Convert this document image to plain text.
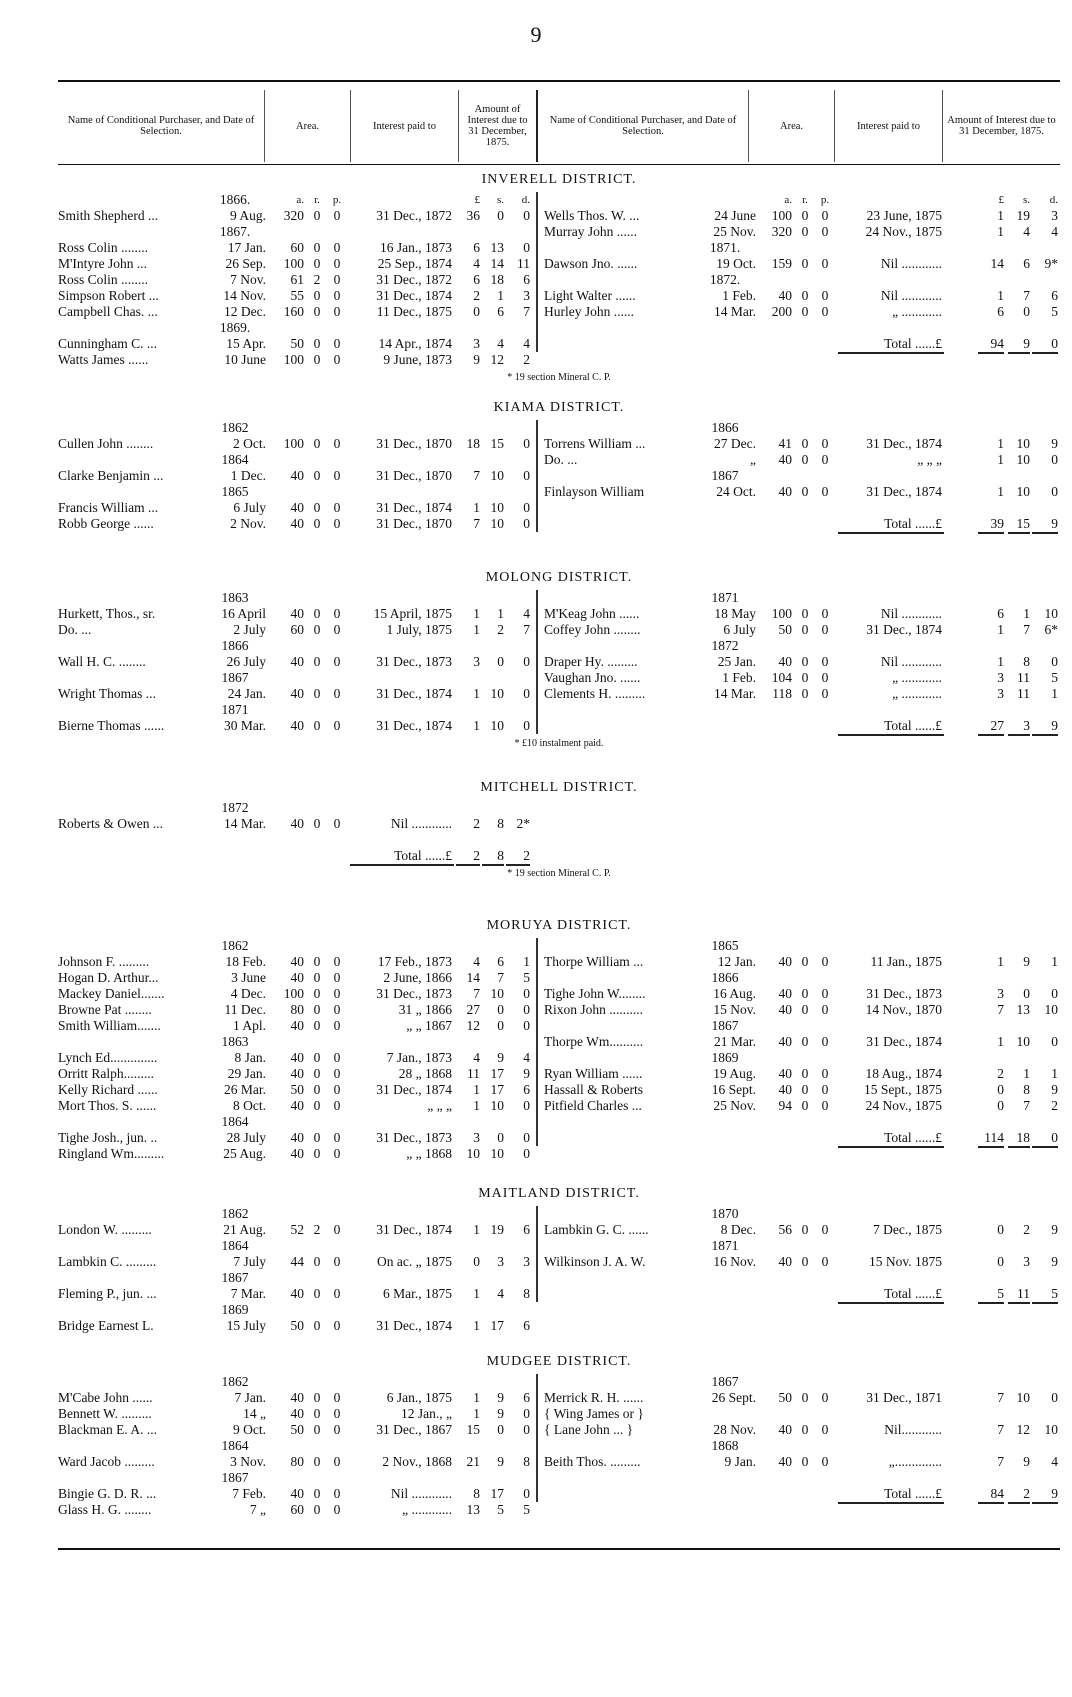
9
Name of Conditional Purchaser, and Date of Selection.	Area.	Interest paid to
Amount of Interest due to 31 December, 1875.
Name of Conditional Purchaser, and Date of Selection.	Area.	Interest paid to	Amount of Interest due to 31 December, 1875.
INVERELL DISTRICT.
1866.	a. r.	p.	£	s.	d.
Smith Shepherd ...	9 Aug.	320 0 0	31 Dec., 1872	36	0	0
1867.
Ross Colin ........	17 Jan.	60 0 0	16 Jan., 1873	6 13	0
M'Intyre John ...	26 Sep.	100 0 0	25 Sep., 1874	4 14 11
Ross Colin ........	7 Nov.	61 2 0	31 Dec., 1872	6 18	6
Simpson Robert ...	14 Nov.	55 0 0	31 Dec., 1874	2	1	3
Campbell Chas. ...	12 Dec.	160 0 0	11 Dec., 1875	0	6	7
1869.
Cunningham C. ...	15 Apr.	50 0 0	14 Apr., 1874	3	4	4
Watts James ......	10 June	100 0 0	9 June, 1873	9 12	2
a. r.	p.	£	s.	d.
Wells Thos. W. ...	24 June	100 0 0	23 June, 1875	1 19	3
Murray John ......	25 Nov.	320 0 0	24 Nov., 1875	1	4	4
1871.
Dawson Jno. ......	19 Oct.	159 0 0	Nil ............	14	6	9*
1872.
Light Walter ......	1 Feb.	40 0 0	Nil ............	1	7	6
Hurley John ......	14 Mar.	200 0 0	„ ............	6	0	5
Total ......£	94	9	0
* 19 section Mineral C. P.
KIAMA DISTRICT.
1862
Cullen John ........	2 Oct.	100 0 0	31 Dec., 1870	18 15	0
1864
Clarke Benjamin ...	1 Dec.	40 0 0	31 Dec., 1870	7 10	0
1865
Francis William ...	6 July	40 0 0	31 Dec., 1874	1 10	0
Robb George ......	2 Nov.	40 0 0	31 Dec., 1870	7 10	0
1866
Torrens William ...	27 Dec.	41 0 0	31 Dec., 1874	1 10	9
Do. ...	„	40 0 0	„ „ „	1 10	0
1867
Finlayson William	24 Oct.	40 0 0	31 Dec., 1874	1 10	0
Total ......£	39 15	9
MOLONG DISTRICT.
1863
Hurkett, Thos., sr.	16 April	40 0 0	15 April, 1875	1	1	4
Do. ...	2 July	60 0 0	1 July, 1875	1	2	7
1866
Wall H. C. ........	26 July	40 0 0	31 Dec., 1873	3	0	0
1867
Wright Thomas ...	24 Jan.	40 0 0	31 Dec., 1874	1 10	0
1871
Bierne Thomas ......	30 Mar.	40 0 0	31 Dec., 1874	1 10	0
1871
M'Keag John ......	18 May	100 0 0	Nil ............	6	1	10
Coffey John ........	6 July	50 0 0	31 Dec., 1874	1	7	6*
1872
Draper Hy. .........	25 Jan.	40 0 0	Nil ............	1	8	0
Vaughan Jno. ......	1 Feb.	104 0 0	„ ............	3 11	5
Clements H. .........	14 Mar.	118 0 0	„ ............	3 11	1
Total ......£	27	3	9
* £10 instalment paid.
MITCHELL DISTRICT.
1872
Roberts & Owen ...	14 Mar.	40 0 0	Nil ............	2	8 2*
Total ......£	2	8	2
* 19 section Mineral C. P.
MORUYA DISTRICT.
1862
Johnson F. .........	18 Feb.	40 0 0	17 Feb., 1873	4	6	1
Hogan D. Arthur...	3 June	40 0 0	2 June, 1866	14	7	5
Mackey Daniel.......	4 Dec.	100 0 0	31 Dec., 1873	7 10	0
Browne Pat ........	11 Dec.	80 0 0	31 „ 1866	27	0	0
Smith William.......	1 Apl.	40 0 0	„ „ 1867	12	0	0
1863
Lynch Ed..............	8 Jan.	40 0 0	7 Jan., 1873	4	9	4
Orritt Ralph.........	29 Jan.	40 0 0	28 „ 1868	11 17	9
Kelly Richard ......	26 Mar.	50 0 0	31 Dec., 1874	1 17	6
Mort Thos. S. ......	8 Oct.	40 0 0	„ „ „	1 10	0
1864
Tighe Josh., jun. ..	28 July	40 0 0	31 Dec., 1873	3	0	0
Ringland Wm.........	25 Aug.	40 0 0	„ „ 1868	10 10	0
1865
Thorpe William ...	12 Jan.	40 0 0	11 Jan., 1875	1	9	1
1866
Tighe John W........	16 Aug.	40 0 0	31 Dec., 1873	3	0	0
Rixon John ..........	15 Nov.	40 0 0	14 Nov., 1870	7 13	10
1867
Thorpe Wm..........	21 Mar.	40 0 0	31 Dec., 1874	1 10	0
1869
Ryan William ......	19 Aug.	40 0 0	18 Aug., 1874	2	1	1
Hassall & Roberts	16 Sept.	40 0 0	15 Sept., 1875	0	8	9
Pitfield Charles ...	25 Nov.	94 0 0	24 Nov., 1875	0	7	2
Total ......£	114 18	0
MAITLAND DISTRICT.
1862
London W. .........	21 Aug.	52 2 0	31 Dec., 1874	1 19	6
1864
Lambkin C. .........	7 July	44 0 0	On ac. „ 1875	0	3	3
1867
Fleming P., jun. ...	7 Mar.	40 0 0	6 Mar., 1875	1	4	8
1869
Bridge Earnest L.	15 July	50 0 0	31 Dec., 1874	1 17	6
1870
Lambkin G. C. ......	8 Dec.	56 0 0	7 Dec., 1875	0	2	9
1871
Wilkinson J. A. W.	16 Nov.	40 0 0	15 Nov. 1875	0	3	9
Total ......£	5 11	5
MUDGEE DISTRICT.
1862
M'Cabe John ......	7 Jan.	40 0 0	6 Jan., 1875	1	9	6
Bennett W. .........	14 „	40 0 0	12 Jan., „	1	9	0
Blackman E. A. ...	9 Oct.	50 0 0	31 Dec., 1867	15	0	0
1864
Ward Jacob .........	3 Nov.	80 0 0	2 Nov., 1868	21	9	8
1867
Bingie G. D. R. ...	7 Feb.	40 0 0	Nil ............	8 17	0
Glass H. G. ........	7 „	60 0 0	„ ............	13	5	5
1867
Merrick R. H. ......	26 Sept.	50 0 0	31 Dec., 1871	7 10	0
{ Wing James or }
{ Lane John ... }	28 Nov.	40 0 0	Nil............	7 12	10
1868
Beith Thos. .........	9 Jan.	40 0 0	„..............	7	9	4
Total ......£	84	2	9
